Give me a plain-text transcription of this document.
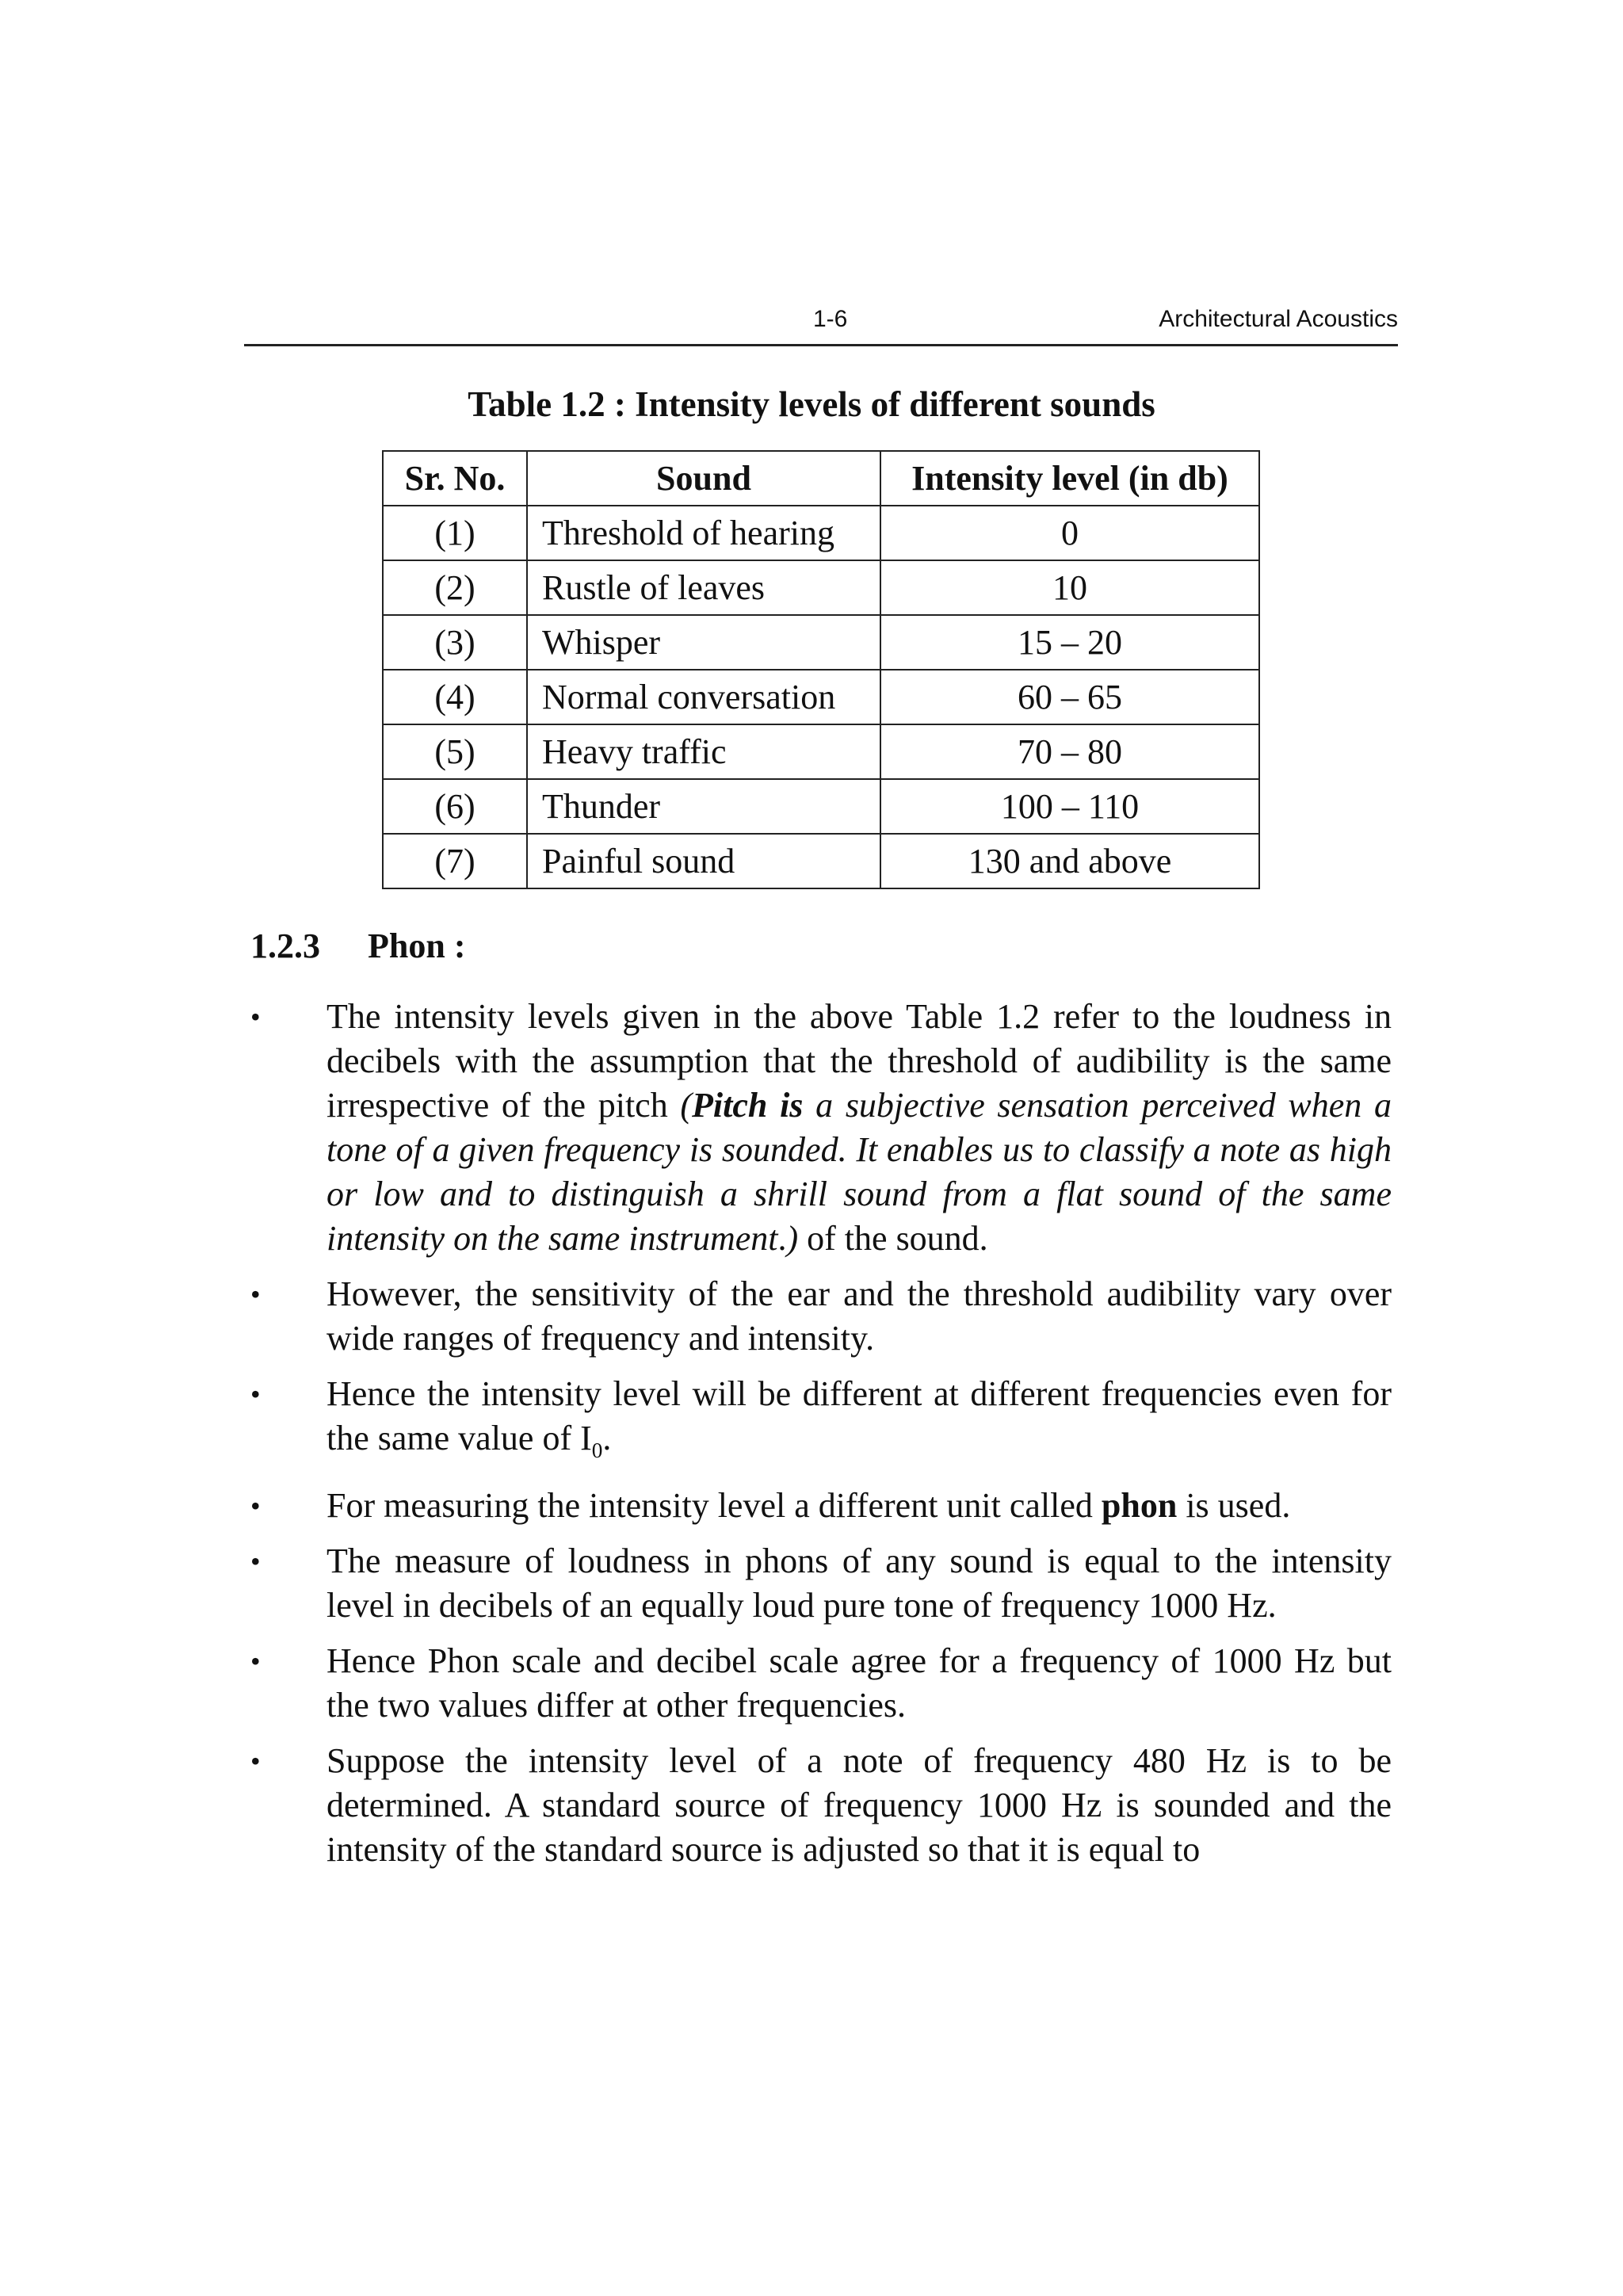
1-6	Architectural Acoustics
Table 1.2 : Intensity levels of different sounds
Sr. No.	Sound	Intensity level (in db)
(1)	Threshold of hearing	0
(2)	Rustle of leaves	10
(3)	Whisper	15 – 20
(4)	Normal conversation	60 – 65
(5)	Heavy traffic	70 – 80
(6)	Thunder	100 – 110
(7)	Painful sound	130 and above
1.2.3 Phon :
• The intensity levels given in the above Table 1.2 refer to the loudness in decibels with the assumption that the threshold of audibility is the same irrespective of the pitch (Pitch is a subjective sensation perceived when a tone of a given frequency is sounded. It enables us to classify a note as high or low and to distinguish a shrill sound from a flat sound of the same intensity on the same instrument.) of the sound.
• However, the sensitivity of the ear and the threshold audibility vary over wide ranges of frequency and intensity.
• Hence the intensity level will be different at different frequencies even for the same value of $I_0$.
• For measuring the intensity level a different unit called phon is used.
• The measure of loudness in phons of any sound is equal to the intensity level in decibels of an equally loud pure tone of frequency 1000 Hz.
• Hence Phon scale and decibel scale agree for a frequency of 1000 Hz but the two values differ at other frequencies.
• Suppose the intensity level of a note of frequency 480 Hz is to be determined. A standard source of frequency 1000 Hz is sounded and the intensity of the standard source is adjusted so that it is equal to
